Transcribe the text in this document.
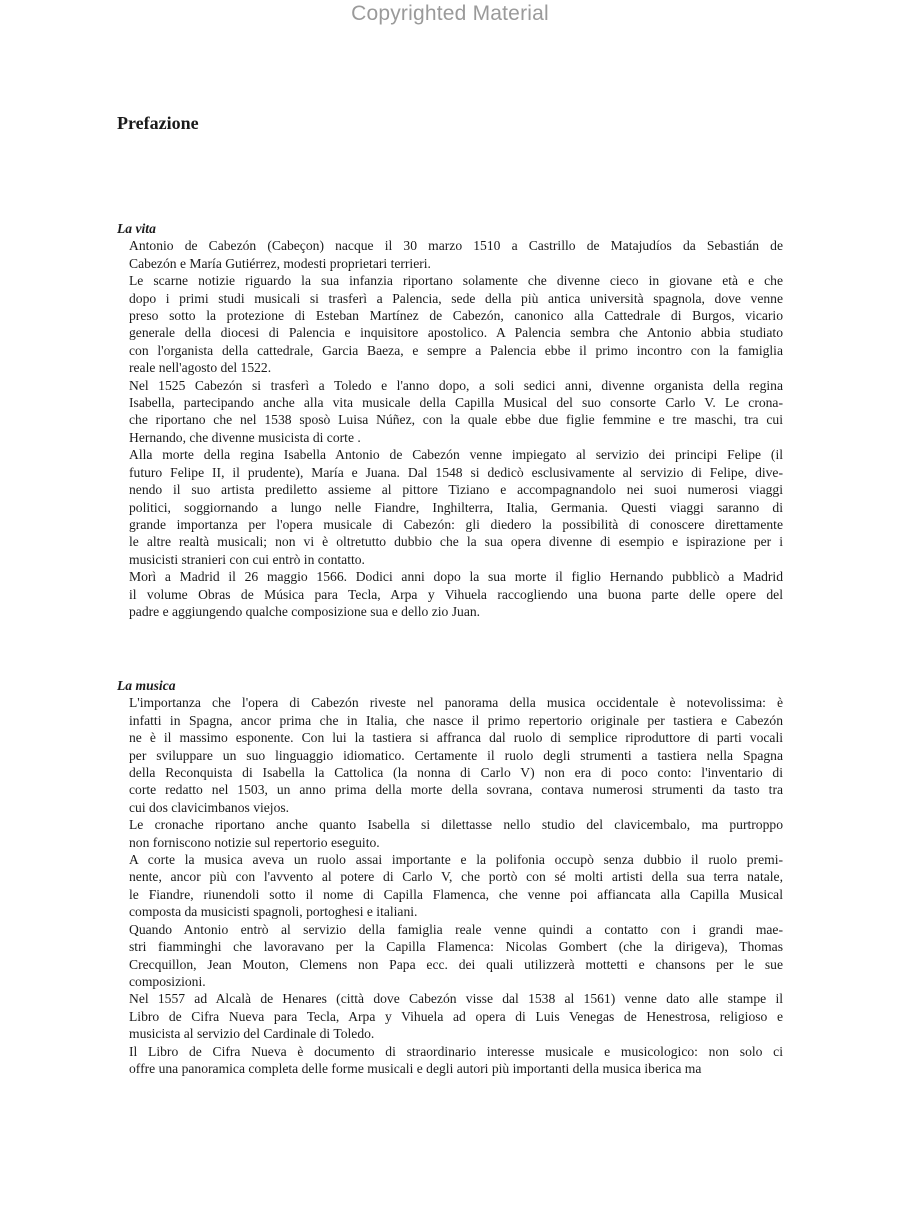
Copyrighted Material
Prefazione
La vita

Antonio de Cabezón (Cabeçon) nacque il 30 marzo 1510 a Castrillo de Matajudíos da Sebastián de
Cabezón e María Gutiérrez, modesti proprietari terrieri.

Le scarne notizie riguardo la sua infanzia riportano solamente che divenne cieco in giovane età e che
dopo i primi studi musicali si trasferì a Palencia, sede della più antica università spagnola, dove venne
preso sotto la protezione di Esteban Martínez de Cabezón, canonico alla Cattedrale di Burgos, vicario
generale della diocesi di Palencia e inquisitore apostolico. A Palencia sembra che Antonio abbia studiato
con l'organista della cattedrale, Garcia Baeza, e sempre a Palencia ebbe il primo incontro con la famiglia
reale nell'agosto del 1522.

Nel 1525 Cabezón si trasferì a Toledo e l'anno dopo, a soli sedici anni, divenne organista della regina
Isabella, partecipando anche alla vita musicale della Capilla Musical del suo consorte Carlo V. Le crona-
che riportano che nel 1538 sposò Luisa Núñez, con la quale ebbe due figlie femmine e tre maschi, tra cui
Hernando, che divenne musicista di corte .

Alla morte della regina Isabella Antonio de Cabezón venne impiegato al servizio dei principi Felipe (il
futuro Felipe II, il prudente), María e Juana. Dal 1548 si dedicò esclusivamente al servizio di Felipe, dive-
nendo il suo artista prediletto assieme al pittore Tiziano e accompagnandolo nei suoi numerosi viaggi
politici, soggiornando a lungo nelle Fiandre, Inghilterra, Italia, Germania. Questi viaggi saranno di
grande importanza per l'opera musicale di Cabezón: gli diedero la possibilità di conoscere direttamente
le altre realtà musicali; non vi è oltretutto dubbio che la sua opera divenne di esempio e ispirazione per i
musicisti stranieri con cui entrò in contatto.

Morì a Madrid il 26 maggio 1566. Dodici anni dopo la sua morte il figlio Hernando pubblicò a Madrid
il volume Obras de Música para Tecla, Arpa y Vihuela raccogliendo una buona parte delle opere del
padre e aggiungendo qualche composizione sua e dello zio Juan.

La musica

L'importanza che l'opera di Cabezón riveste nel panorama della musica occidentale è notevolissima: è
infatti in Spagna, ancor prima che in Italia, che nasce il primo repertorio originale per tastiera e Cabezón
ne è il massimo esponente. Con lui la tastiera si affranca dal ruolo di semplice riproduttore di parti vocali
per sviluppare un suo linguaggio idiomatico. Certamente il ruolo degli strumenti a tastiera nella Spagna
della Reconquista di Isabella la Cattolica (la nonna di Carlo V) non era di poco conto: l'inventario di
corte redatto nel 1503, un anno prima della morte della sovrana, contava numerosi strumenti da tasto tra
cui dos clavicimbanos viejos.

Le cronache riportano anche quanto Isabella si dilettasse nello studio del clavicembalo, ma purtroppo
non forniscono notizie sul repertorio eseguito.

A corte la musica aveva un ruolo assai importante e la polifonia occupò senza dubbio il ruolo premi-
nente, ancor più con l'avvento al potere di Carlo V, che portò con sé molti artisti della sua terra natale,
le Fiandre, riunendoli sotto il nome di Capilla Flamenca, che venne poi affiancata alla Capilla Musical
composta da musicisti spagnoli, portoghesi e italiani.

Quando Antonio entrò al servizio della famiglia reale venne quindi a contatto con i grandi mae-
stri fiamminghi che lavoravano per la Capilla Flamenca: Nicolas Gombert (che la dirigeva), Thomas
Crecquillon, Jean Mouton, Clemens non Papa ecc. dei quali utilizzerà mottetti e chansons per le sue
composizioni.

Nel 1557 ad Alcalà de Henares (città dove Cabezón visse dal 1538 al 1561) venne dato alle stampe il
Libro de Cifra Nueva para Tecla, Arpa y Vihuela ad opera di Luis Venegas de Henestrosa, religioso e
musicista al servizio del Cardinale di Toledo.

Il Libro de Cifra Nueva è documento di straordinario interesse musicale e musicologico: non solo ci
offre una panoramica completa delle forme musicali e degli autori più importanti della musica iberica ma
